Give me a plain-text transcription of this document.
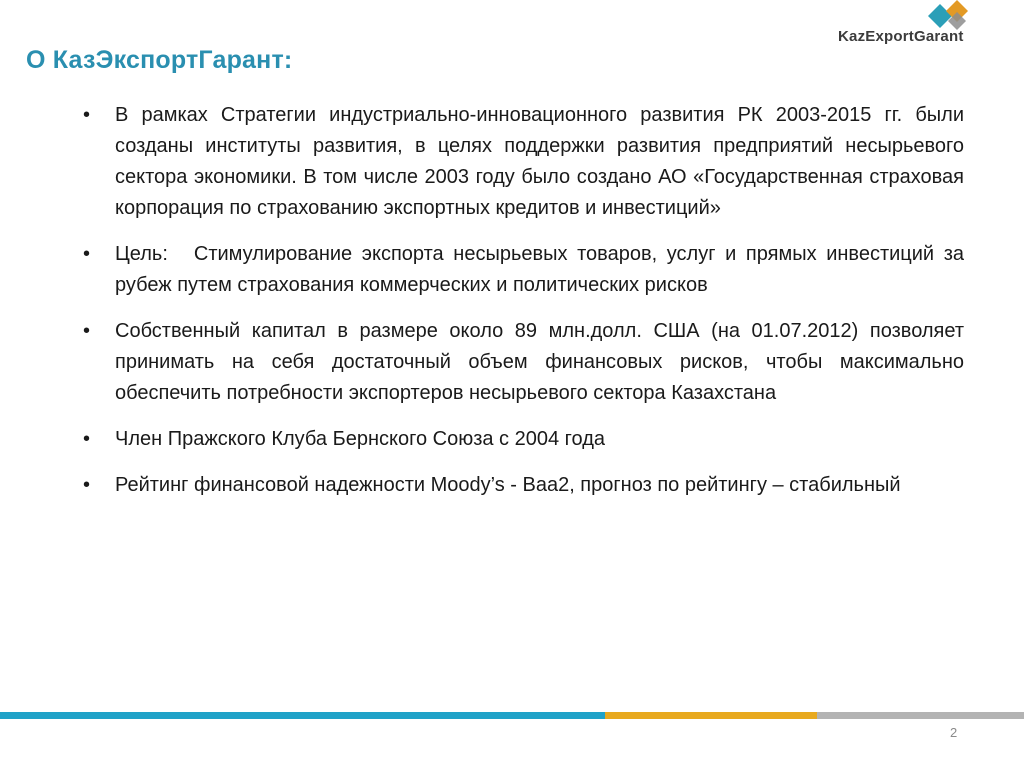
О КазЭкспортГарант:
KazExportGarant
• В рамках Стратегии индустриально-инновационного развития РК 2003-2015 гг. были созданы институты развития, в целях поддержки развития предприятий несырьевого сектора экономики. В том числе 2003 году было создано АО «Государственная страховая корпорация по страхованию экспортных кредитов и инвестиций»
• Цель: Стимулирование экспорта несырьевых товаров, услуг и прямых инвестиций за рубеж путем страхования коммерческих и политических рисков
• Собственный капитал в размере около 89 млн.долл. США (на 01.07.2012) позволяет принимать на себя достаточный объем финансовых рисков, чтобы максимально обеспечить потребности экспортеров несырьевого сектора Казахстана
• Член Пражского Клуба Бернского Союза с 2004 года
• Рейтинг финансовой надежности Moody’s - Baa2, прогноз по рейтингу – стабильный
2
